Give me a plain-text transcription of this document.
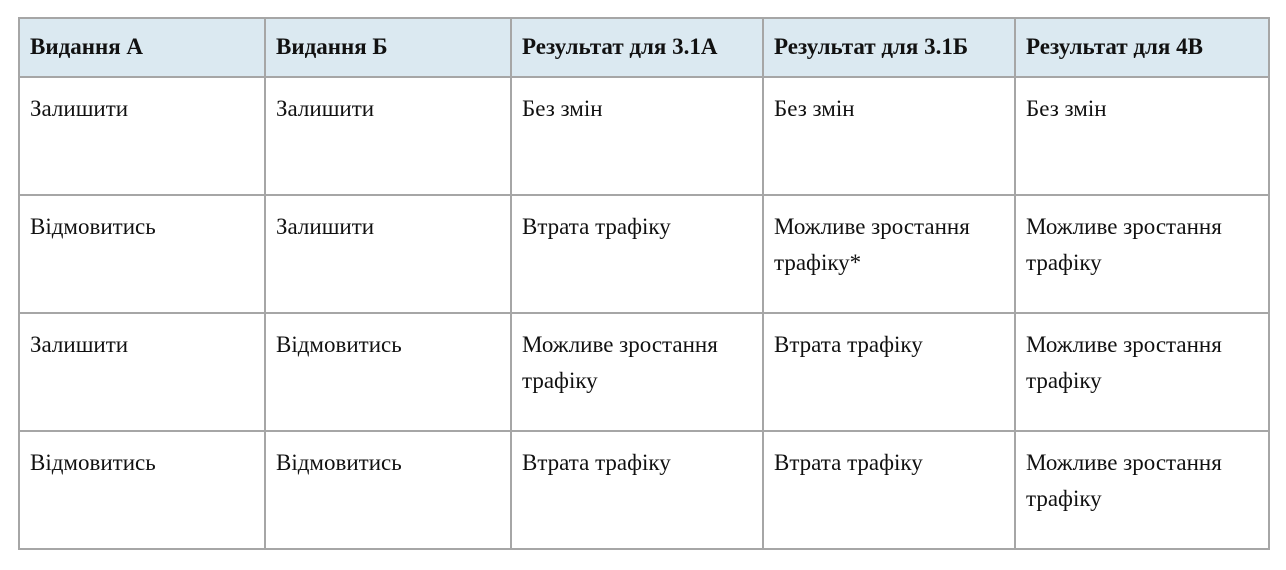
Видання А	Видання Б	Результат для 3.1А	Результат для 3.1Б	Результат для 4В
Залишити	Залишити	Без змін	Без змін	Без змін
Відмовитись	Залишити	Втрата трафіку	Можливе зростання трафіку*	Можливе зростання трафіку
Залишити	Відмовитись	Можливе зростання трафіку	Втрата трафіку	Можливе зростання трафіку
Відмовитись	Відмовитись	Втрата трафіку	Втрата трафіку	Можливе зростання трафіку
